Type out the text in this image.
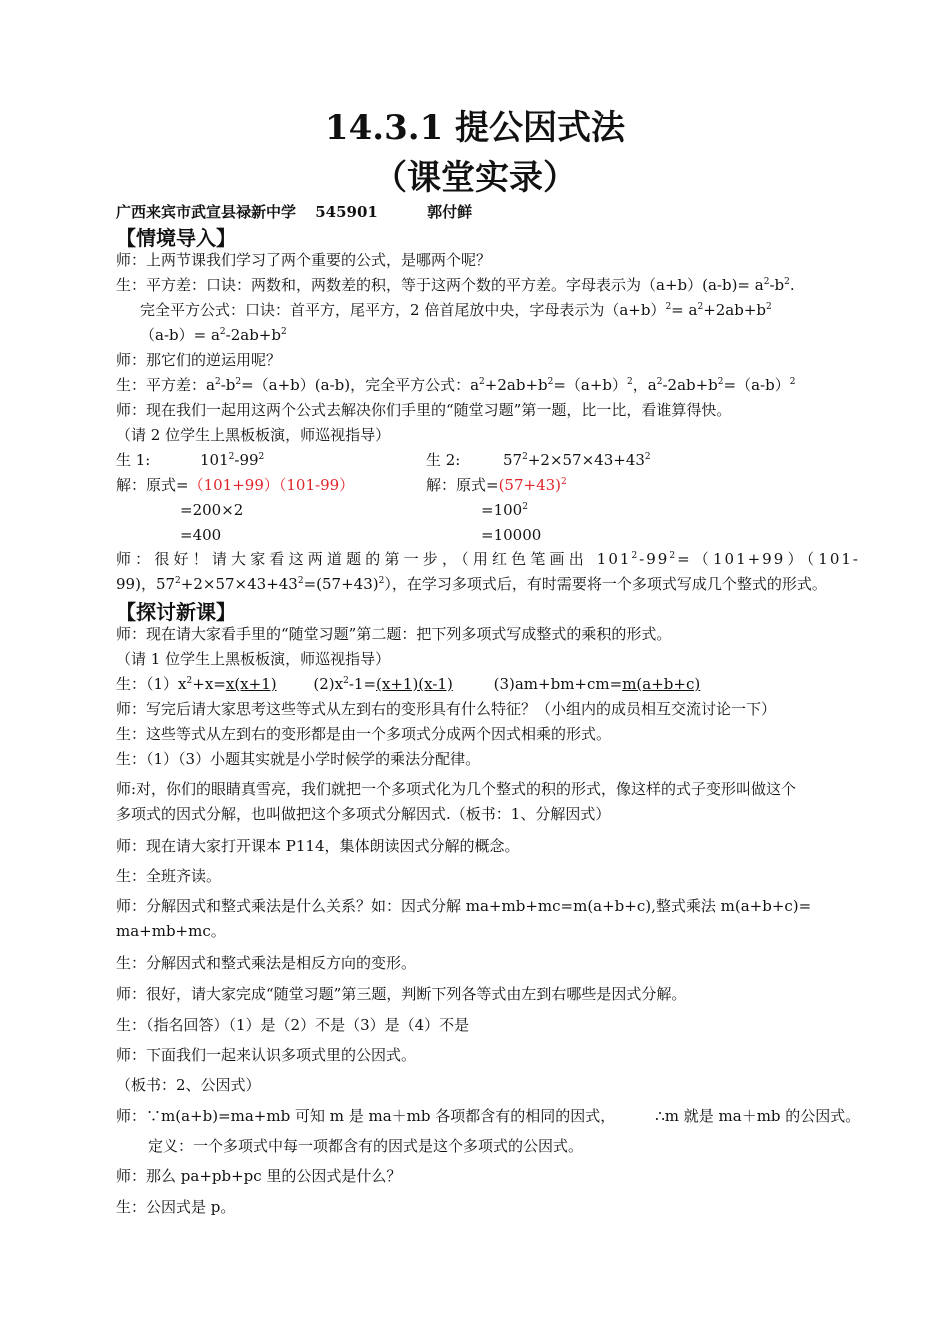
14.3.1 提公因式法
（课堂实录）
广西来宾市武宣县禄新中学 545901	郭付鲜
【情境导入】
师：上两节课我们学习了两个重要的公式，是哪两个呢？
生：平方差：口诀：两数和，两数差的积，等于这两个数的平方差。字母表示为$(a+b)(a-b)= a^2-b^2$.
完全平方公式：口诀：首平方，尾平方，2 倍首尾放中央，字母表示为$(a+b)^2= a^2+2ab+b^2$
$(a-b)= a^2-2ab+b^2$
师：那它们的逆运用呢？
生：平方差：$a^2-b^2=(a+b)(a-b)$，完全平方公式：$a^2+2ab+b^2=(a+b)^2$，$a^2-2ab+b^2=(a-b)^2$
师：现在我们一起用这两个公式去解决你们手里的“随堂习题”第一题，比一比，看谁算得快。
（请 2 位学生上黑板板演，师巡视指导）
生 1:	$101^2-99^2$	生 2:	$57^2+2\times 57\times 43+43^2$
解：原式=（101+99）（101-99）	解：原式$=(57+43)^2$
=200×2	$=100^2$
=400	=10000
师：很好！请大家看这两道题的第一步，（用红色笔画出 $101^2-99^2=(101+99)(101-$
99)，$57^2+2\times 57\times 43+43^2=(57+43)^2$），在学习多项式后，有时需要将一个多项式写成几个整式的形式。
【探讨新课】
师：现在请大家看手里的“随堂习题”第二题：把下列多项式写成整式的乘积的形式。
（请 1 位学生上黑板板演，师巡视指导）
生：$(1)x^2+x=x(x+1)$ $(2)x^2-1=(x+1)(x-1)$	(3)am+bm+cm=m(a+b+c)
师：写完后请大家思考这些等式从左到右的变形具有什么特征？（小组内的成员相互交流讨论一下）
生：这些等式从左到右的变形都是由一个多项式分成两个因式相乘的形式。
生：（1）（3）小题其实就是小学时候学的乘法分配律。
师:对，你们的眼睛真雪亮，我们就把一个多项式化为几个整式的积的形式，像这样的式子变形叫做这个
多项式的因式分解，也叫做把这个多项式分解因式.（板书：1、分解因式）
师：现在请大家打开课本 P114，集体朗读因式分解的概念。
生：全班齐读。
师：分解因式和整式乘法是什么关系？如：因式分解 ma+mb+mc=m(a+b+c),整式乘法 m(a+b+c)=
ma+mb+mc。
生：分解因式和整式乘法是相反方向的变形。
师：很好，请大家完成“随堂习题”第三题，判断下列各等式由左到右哪些是因式分解。
生：（指名回答）（1）是（2）不是（3）是（4）不是
师：下面我们一起来认识多项式里的公因式。
（板书：2、公因式）
师：∵m(a+b)=ma+mb 可知 m 是 ma＋mb 各项都含有的相同的因式，	∴m 就是 ma＋mb 的公因式。
定义：一个多项式中每一项都含有的因式是这个多项式的公因式。
师：那么 pa+pb+pc 里的公因式是什么？
生：公因式是 p。
